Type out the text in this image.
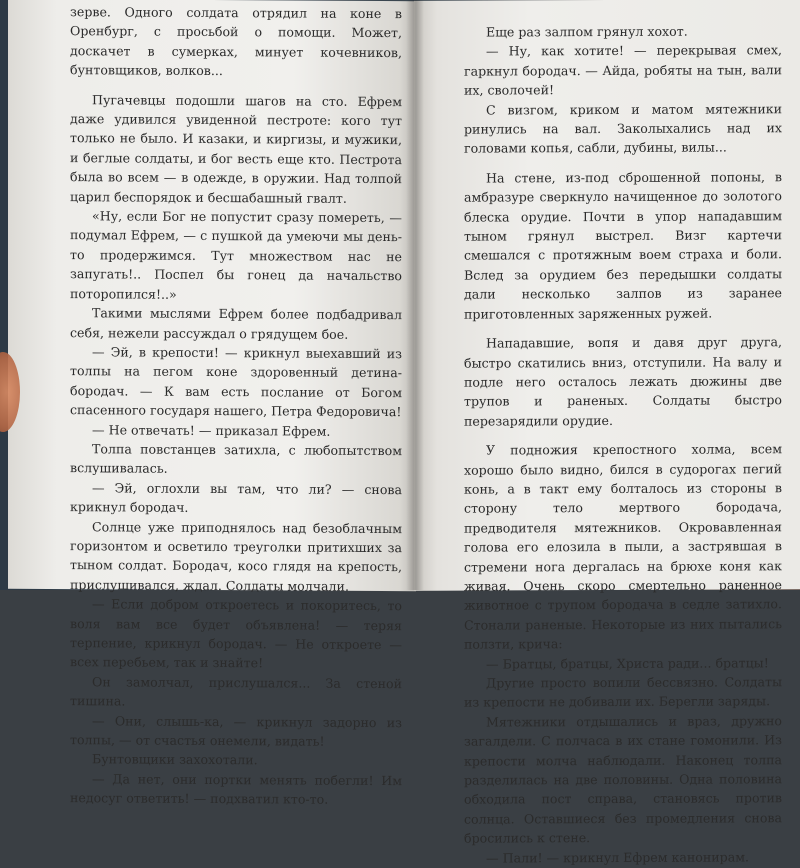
зерве. Одного солдата отрядил на коне в Оренбург, с просьбой о помощи. Может, доскачет в сумерках, минует кочевников, бунтовщиков, волков...

Пугачевцы подошли шагов на сто. Ефрем даже удивился увиденной пестроте: кого тут только не было. И казаки, и киргизы, и мужики, и беглые солдаты, и бог весть еще кто. Пестрота была во всем — в одежде, в оружии. Над толпой царил беспорядок и бесшабашный гвалт.

«Ну, если Бог не попустит сразу помереть, — подумал Ефрем, — с пушкой да умеючи мы день-то продержимся. Тут множеством нас не запугать!.. Поспел бы гонец да начальство поторопился!..»

Такими мыслями Ефрем более подбадривал себя, нежели рассуждал о грядущем бое.

— Эй, в крепости! — крикнул выехавший из толпы на пегом коне здоровенный детина-бородач. — К вам есть послание от Богом спасенного государя нашего, Петра Федоровича!

— Не отвечать! — приказал Ефрем.

Толпа повстанцев затихла, с любопытством вслушивалась.

— Эй, оглохли вы там, что ли? — снова крикнул бородач.

Солнце уже приподнялось над безоблачным горизонтом и осветило треуголки притихших за тыном солдат. Бородач, косо глядя на крепость, прислушивался, ждал. Солдаты молчали.

— Если добром откроетесь и покоритесь, то воля вам все будет объявлена! — теряя терпение, крикнул бородач. — Не откроете — всех перебьем, так и знайте!

Он замолчал, прислушался... За стеной тишина.

— Они, слышь-ка, — крикнул задорно из толпы, — от счастья онемели, видать!

Бунтовщики захохотали.

— Да нет, они портки менять побегли! Им недосуг ответить! — подхватил кто-то.

Еще раз залпом грянул хохот.

— Ну, как хотите! — перекрывая смех, гаркнул бородач. — Айда, робяты на тын, вали их, сволочей!

С визгом, криком и матом мятежники ринулись на вал. Заколыхались над их головами копья, сабли, дубины, вилы...

На стене, из-под сброшенной попоны, в амбразуре сверкнуло начищенное до золотого блеска орудие. Почти в упор нападавшим тыном грянул выстрел. Визг картечи смешался с протяжным воем страха и боли. Вслед за орудием без передышки солдаты дали несколько залпов из заранее приготовленных заряженных ружей.

Нападавшие, вопя и давя друг друга, быстро скатились вниз, отступили. На валу и подле него осталось лежать дюжины две трупов и раненых. Солдаты быстро перезарядили орудие.

У подножия крепостного холма, всем хорошо было видно, бился в судорогах пегий конь, а в такт ему болталось из стороны в сторону тело мертвого бородача, предводителя мятежников. Окровавленная голова его елозила в пыли, а застрявшая в стремени нога дергалась на брюхе коня как живая. Очень скоро смертельно раненное животное с трупом бородача в седле затихло. Стонали раненые. Некоторые из них пытались ползти, крича:

— Братцы, братцы, Христа ради... братцы!

Другие просто вопили бессвязно. Солдаты из крепости не добивали их. Берегли заряды.

Мятежники отдышались и враз, дружно загалдели. С полчаса в их стане гомонили. Из крепости молча наблюдали. Наконец толпа разделилась на две половины. Одна половина обходила пост справа, становясь против солнца. Оставшиеся без промедления снова бросились к стене.

— Пали! — крикнул Ефрем канонирам.
